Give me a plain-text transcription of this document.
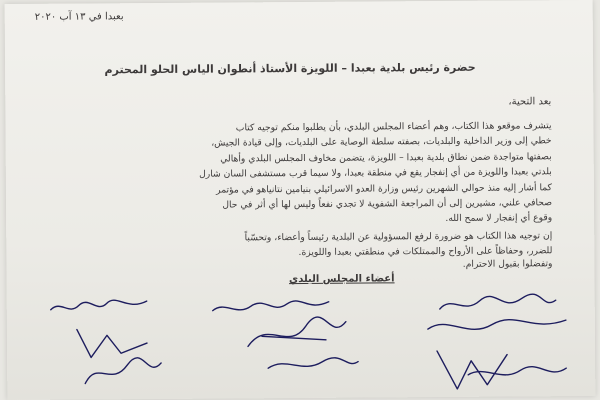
بعبدا في ١٣ آب ٢٠٢٠
حضرة رئيس بلدية بعبدا – اللويزة الأستاذ أنطوان الياس الحلو المحترم
بعد التحية،
يتشرف موقعو هذا الكتاب، وهم أعضاء المجلس البلدي، بأن يطلبوا منكم توجيه كتاب
خطي إلى وزير الداخلية والبلديات، بصفته سلطة الوصاية على البلديات، وإلى قيادة الجيش،
بصفتها متواجدة ضمن نطاق بلدية بعبدا – اللويزة، يتضمن مخاوف المجلس البلدي وأهالي
بلدتي بعبدا واللويزة من أي إنفجار يقع في منطقة بعبدا، ولا سيما قرب مستشفى السان شارل
كما أشار إليه منذ حوالي الشهرين رئيس وزارة العدو الاسرائيلي بنيامين نتانياهو في مؤتمر
صحافي علني، مشيرين إلى أن المراجعة الشفوية لا تجدي نفعاً وليس لها أي أثر في حال
وقوع أي إنفجار لا سمح الله.
إن توجيه هذا الكتاب هو ضرورة لرفع المسؤولية عن البلدية رئيساً وأعضاء، وتحسّباً
للضرر، وحفاظاً على الأرواح والممتلكات في منطقتي بعبدا واللويزة.
وتفضلوا بقبول الاحترام.
أعضاء المجلس البلدي
